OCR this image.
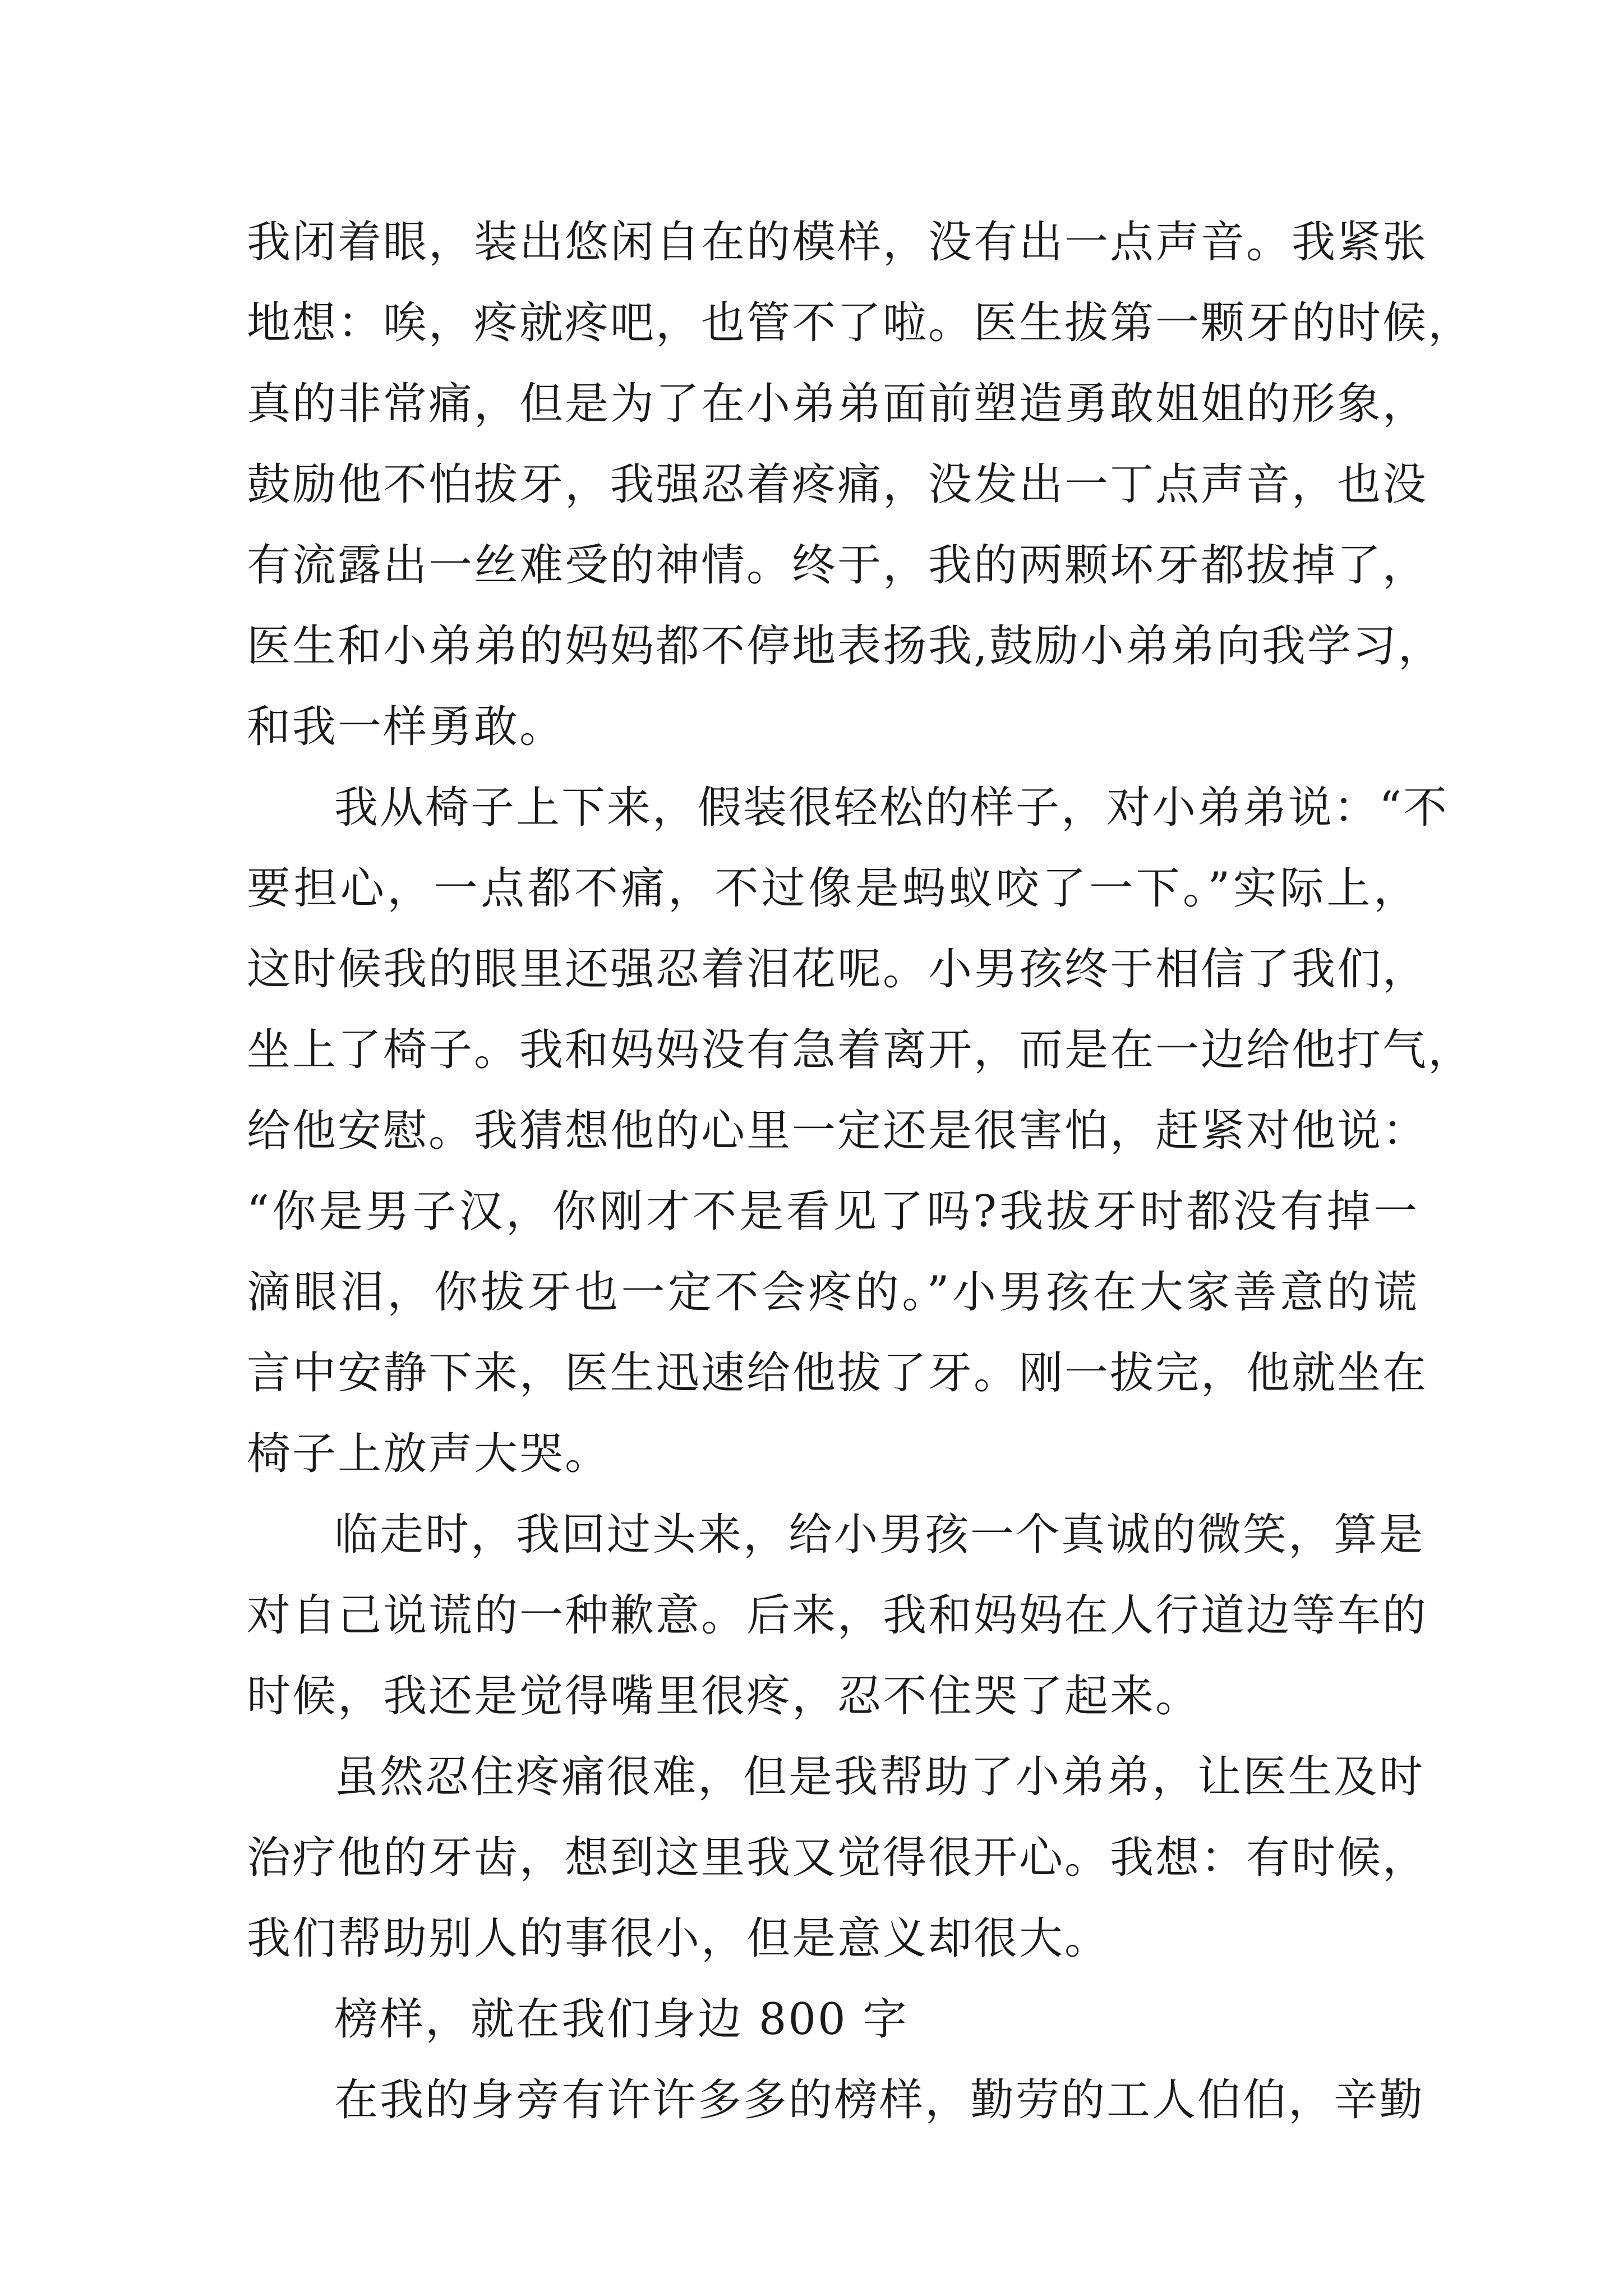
我闭着眼，装出悠闲自在的模样，没有出一点声音。我紧张
地想：唉，疼就疼吧，也管不了啦。医生拔第一颗牙的时候，
真的非常痛，但是为了在小弟弟面前塑造勇敢姐姐的形象，
鼓励他不怕拔牙，我强忍着疼痛，没发出一丁点声音，也没
有流露出一丝难受的神情。终于，我的两颗坏牙都拔掉了，
医生和小弟弟的妈妈都不停地表扬我,鼓励小弟弟向我学习，
和我一样勇敢。
我从椅子上下来，假装很轻松的样子，对小弟弟说：“不
要担心，一点都不痛，不过像是蚂蚁咬了一下。”实际上，
这时候我的眼里还强忍着泪花呢。小男孩终于相信了我们，
坐上了椅子。我和妈妈没有急着离开，而是在一边给他打气，
给他安慰。我猜想他的心里一定还是很害怕，赶紧对他说：
“你是男子汉，你刚才不是看见了吗?我拔牙时都没有掉一
滴眼泪，你拔牙也一定不会疼的。”小男孩在大家善意的谎
言中安静下来，医生迅速给他拔了牙。刚一拔完，他就坐在
椅子上放声大哭。
临走时，我回过头来，给小男孩一个真诚的微笑，算是
对自己说谎的一种歉意。后来，我和妈妈在人行道边等车的
时候，我还是觉得嘴里很疼，忍不住哭了起来。
虽然忍住疼痛很难，但是我帮助了小弟弟，让医生及时
治疗他的牙齿，想到这里我又觉得很开心。我想：有时候，
我们帮助别人的事很小，但是意义却很大。
榜样，就在我们身边 800 字
在我的身旁有许许多多的榜样，勤劳的工人伯伯，辛勤
